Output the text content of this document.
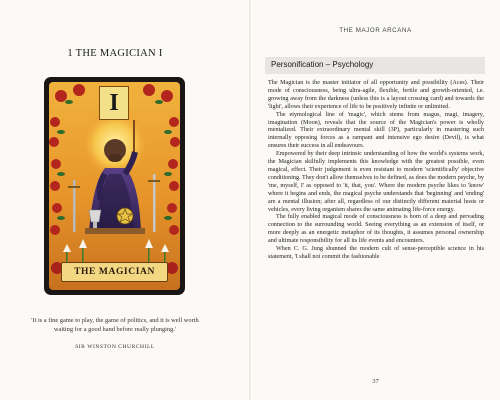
1 THE MAGICIAN I
I
THE MAGICIAN
'It is a fine game to play, the game of politics, and it is well worth waiting for a good hand before really plunging.'
SIR WINSTON CHURCHILL
THE MAJOR ARCANA
Personification – Psychology

The Magician is the master initiator of all opportunity and possibility (Aces). Their mode of consciousness, being ultra-agile, flexible, fertile and growth-oriented, i.e. growing away from the darkness (unless this is a layout crossing card) and towards the 'light', allows their experience of life to be positively infinite or unlimited.

The etymological line of 'magic', which stems from magus, magi, imagery, imagination (Moon), reveals that the source of the Magician's power is wholly mentalized. Their extraordinary mental skill (3P), particularly in mastering such internally opposing forces as a rampant and intensive ego desire (Devil), is what ensures their success in all endeavours.

Empowered by their deep intrinsic understanding of how the world's systems work, the Magician skilfully implements this knowledge with the greatest possible, even magical, effect. Their judgement is even resistant to modern 'scientifically' objective conditioning. They don't allow themselves to be defined, as does the modern psyche, by 'me, myself, I' as opposed to 'it, that, you'. Where the modern psyche likes to 'know' where it begins and ends, the magical psyche understands that 'beginning' and 'ending' are a mental illusion; after all, regardless of our distinctly different material hosts or vehicles, every living organism shares the same animating life-force energy.

The fully enabled magical mode of consciousness is born of a deep and pervading connection to the surrounding world. Seeing everything as an extension of itself, or more deeply as an energetic metaphor of its thoughts, it assumes personal ownership and ultimate responsibility for all its life events and encounters.

When C. G. Jung shunned the modern cult of sense-perceptible science in his statement, 'I shall not commit the fashionable

37
